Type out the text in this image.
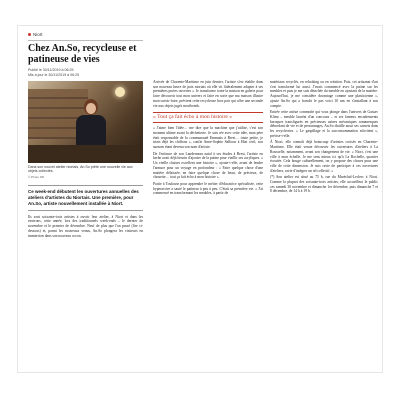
Niort
Chez An.So, recycleuse et patineuse de vies
Publié le 30/11/2019 à 06:25
Mis à jour le 30/11/2019 à 06:25
Dans son nouvel atelier niortais, An.So prête une nouvelle vie aux objets collectés.
© Photo NR
Ce week-end débutent les ouvertures annuelles des ateliers d'artistes du Niortais. Une première, pour An.So, artiste nouvellement installée à Niort.
Ils sont soixante-trois artistes à ouvrir leur atelier, à Niort et dans les environs, cette année, lors des traditionnels week-ends – le dernier de novembre et le premier de décembre. Neuf de plus que l'an passé (lire ci-dessous) et, parmi les nouveaux venus, An.So plongera les visiteurs en immersion dans son nouveau cocon.

Arrivée de Charente-Maritime en juin dernier, l'artiste s'est établie dans son nouveau havre de paix niortais où elle vit littéralement adapter à ses premières portes ouvertes ». Je transforme toute la maison en galerie pour faire découvrir tout mon univers et faire en sorte que ma maison illustre mon savoir-faire, prévient cette recycleuse hors pair qui offre une seconde vie aux objets jugés moribonds.

« Tout ça fait écho à mon histoire »

« J'aime bien l'idée… me dire que la machine que j'utilise, c'est son moment ultime avant la déchetterie. Je suis rée avec cette idée, mon père était responsable de la communauté Emmaüs à Brest… toute petite, je triais déjà les chiffons », confie Anne-Sophie Salliour à Htat civil, son surnom étant devenu son nom d'artiste.

De l'enfance de son Landerneau natal à ses études à Brest, l'artiste en herbe avait déjà besoin d'ajouter de la patine pour vieillir ses acryliques. « Un vieille chaises excellent une histoire », ajoute-t-elle, avant de fendre l'armure pour un voyage en profondeur : « Faire quelque chose d'une matière délaissée, en faire quelque chose de beau, de précieux, de chouette… tout ça fait écho à mon histoire ».

Partie à Toulouse pour apprendre le métier d'éducatrice spécialisée, cette hyperactive a sauté le patineur à peu à peu. C'était sa première vie. « J'ai commencé en transformant les meubles, à partir de

matériaux recyclés, en relooking ou en création. Puis, cet artisanat d'art s'est transformé lui aussi. J'avais commencé avec la patine sur les meubles et puis je me suis détachée du meuble en ajoutant de la matière. Aujourd'hui, je me considère davantage comme une plasticienne », ajoute An.So qui a franchi le pas voici 10 ans en s'installant à son compte.

Entrée cette artiste commode qui vous plonge dans l'univers de Gustav Klimt – meuble lauréat d'un concours – et ses fameux encadrements baroques transfigurés en précieuses usines mécaniques romanesques débordant de vie et de personnages, An.So distille aussi ses carnets dans les recyclerries. « Le gaspillage et la surconsommation m'irritent », précise-t-elle.

À Niort, elle connaît déjà beaucoup d'artistes croisés en Charente-Maritime. Elle était venue découvrir les ouvertures d'ateliers à La Rousselle, notamment, avant son changement de vie. « Niort, c'est une ville à mon échelle. Je me sens mieux ici qu'à La Rochelle, quartier écoutée. Cela bouge culturellement, on y propose des choses pour une ville de cette dimension. Je suis ravie de participer à ces ouvertures d'ateliers, ravie d'intégrer un tel collectif. »

(*) Son atelier est situé au 75 b, rue du Maréchal-Leclerc à Niort. Comme la plupart des soixante-trois artistes, elle accueillera le public ces samedi 30 novembre et dimanche 1er décembre, puis dimanche 7 et 8 décembre, de 14 h à 19 h.
